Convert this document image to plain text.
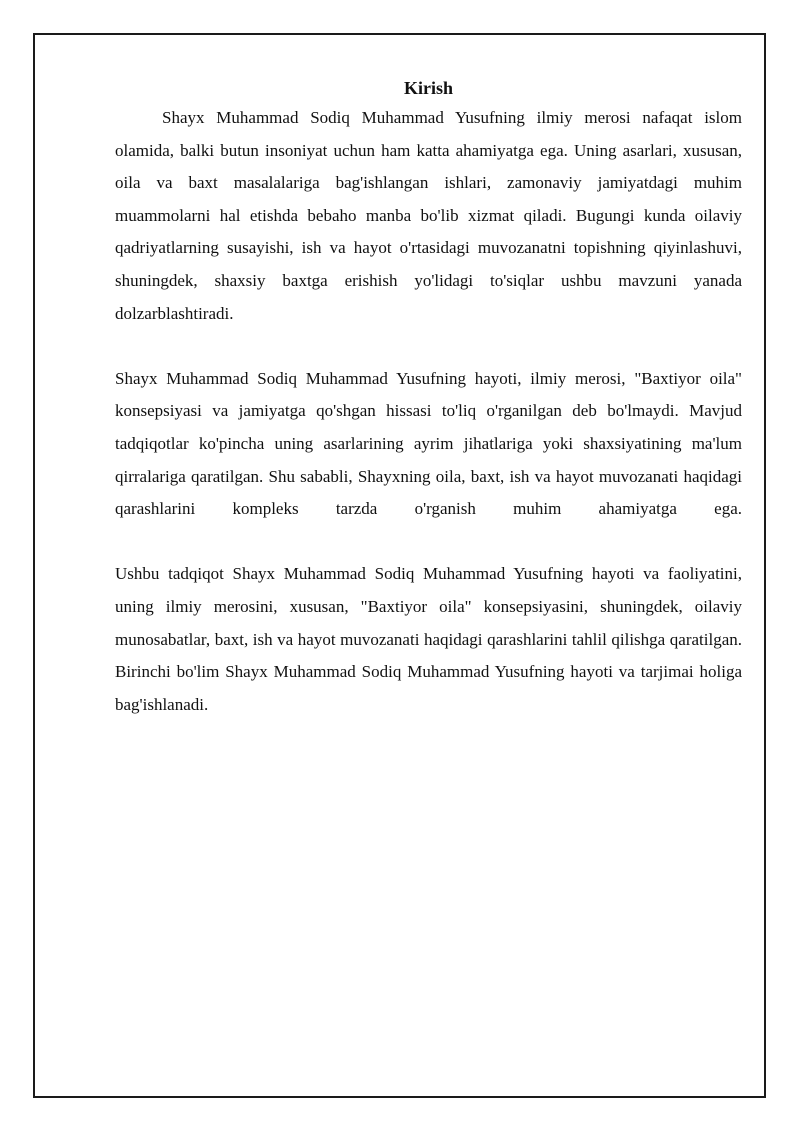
Kirish

Shayx Muhammad Sodiq Muhammad Yusufning ilmiy merosi nafaqat islom olamida, balki butun insoniyat uchun ham katta ahamiyatga ega. Uning asarlari, xususan, oila va baxt masalalariga bag'ishlangan ishlari, zamonaviy jamiyatdagi muhim muammolarni hal etishda bebaho manba bo'lib xizmat qiladi. Bugungi kunda oilaviy qadriyatlarning susayishi, ish va hayot o'rtasidagi muvozanatni topishning qiyinlashuvi, shuningdek, shaxsiy baxtga erishish yo'lidagi to'siqlar ushbu mavzuni yanada dolzarblashtiradi.

Shayx Muhammad Sodiq Muhammad Yusufning hayoti, ilmiy merosi, "Baxtiyor oila" konsepsiyasi va jamiyatga qo'shgan hissasi to'liq o'rganilgan deb bo'lmaydi. Mavjud tadqiqotlar ko'pincha uning asarlarining ayrim jihatlariga yoki shaxsiyatining ma'lum qirralariga qaratilgan. Shu sababli, Shayxning oila, baxt, ish va hayot muvozanati haqidagi qarashlarini kompleks tarzda o'rganish muhim ahamiyatga ega.

Ushbu tadqiqot Shayx Muhammad Sodiq Muhammad Yusufning hayoti va faoliyatini, uning ilmiy merosini, xususan, "Baxtiyor oila" konsepsiyasini, shuningdek, oilaviy munosabatlar, baxt, ish va hayot muvozanati haqidagi qarashlarini tahlil qilishga qaratilgan. Birinchi bo'lim Shayx Muhammad Sodiq Muhammad Yusufning hayoti va tarjimai holiga bag'ishlanadi.
